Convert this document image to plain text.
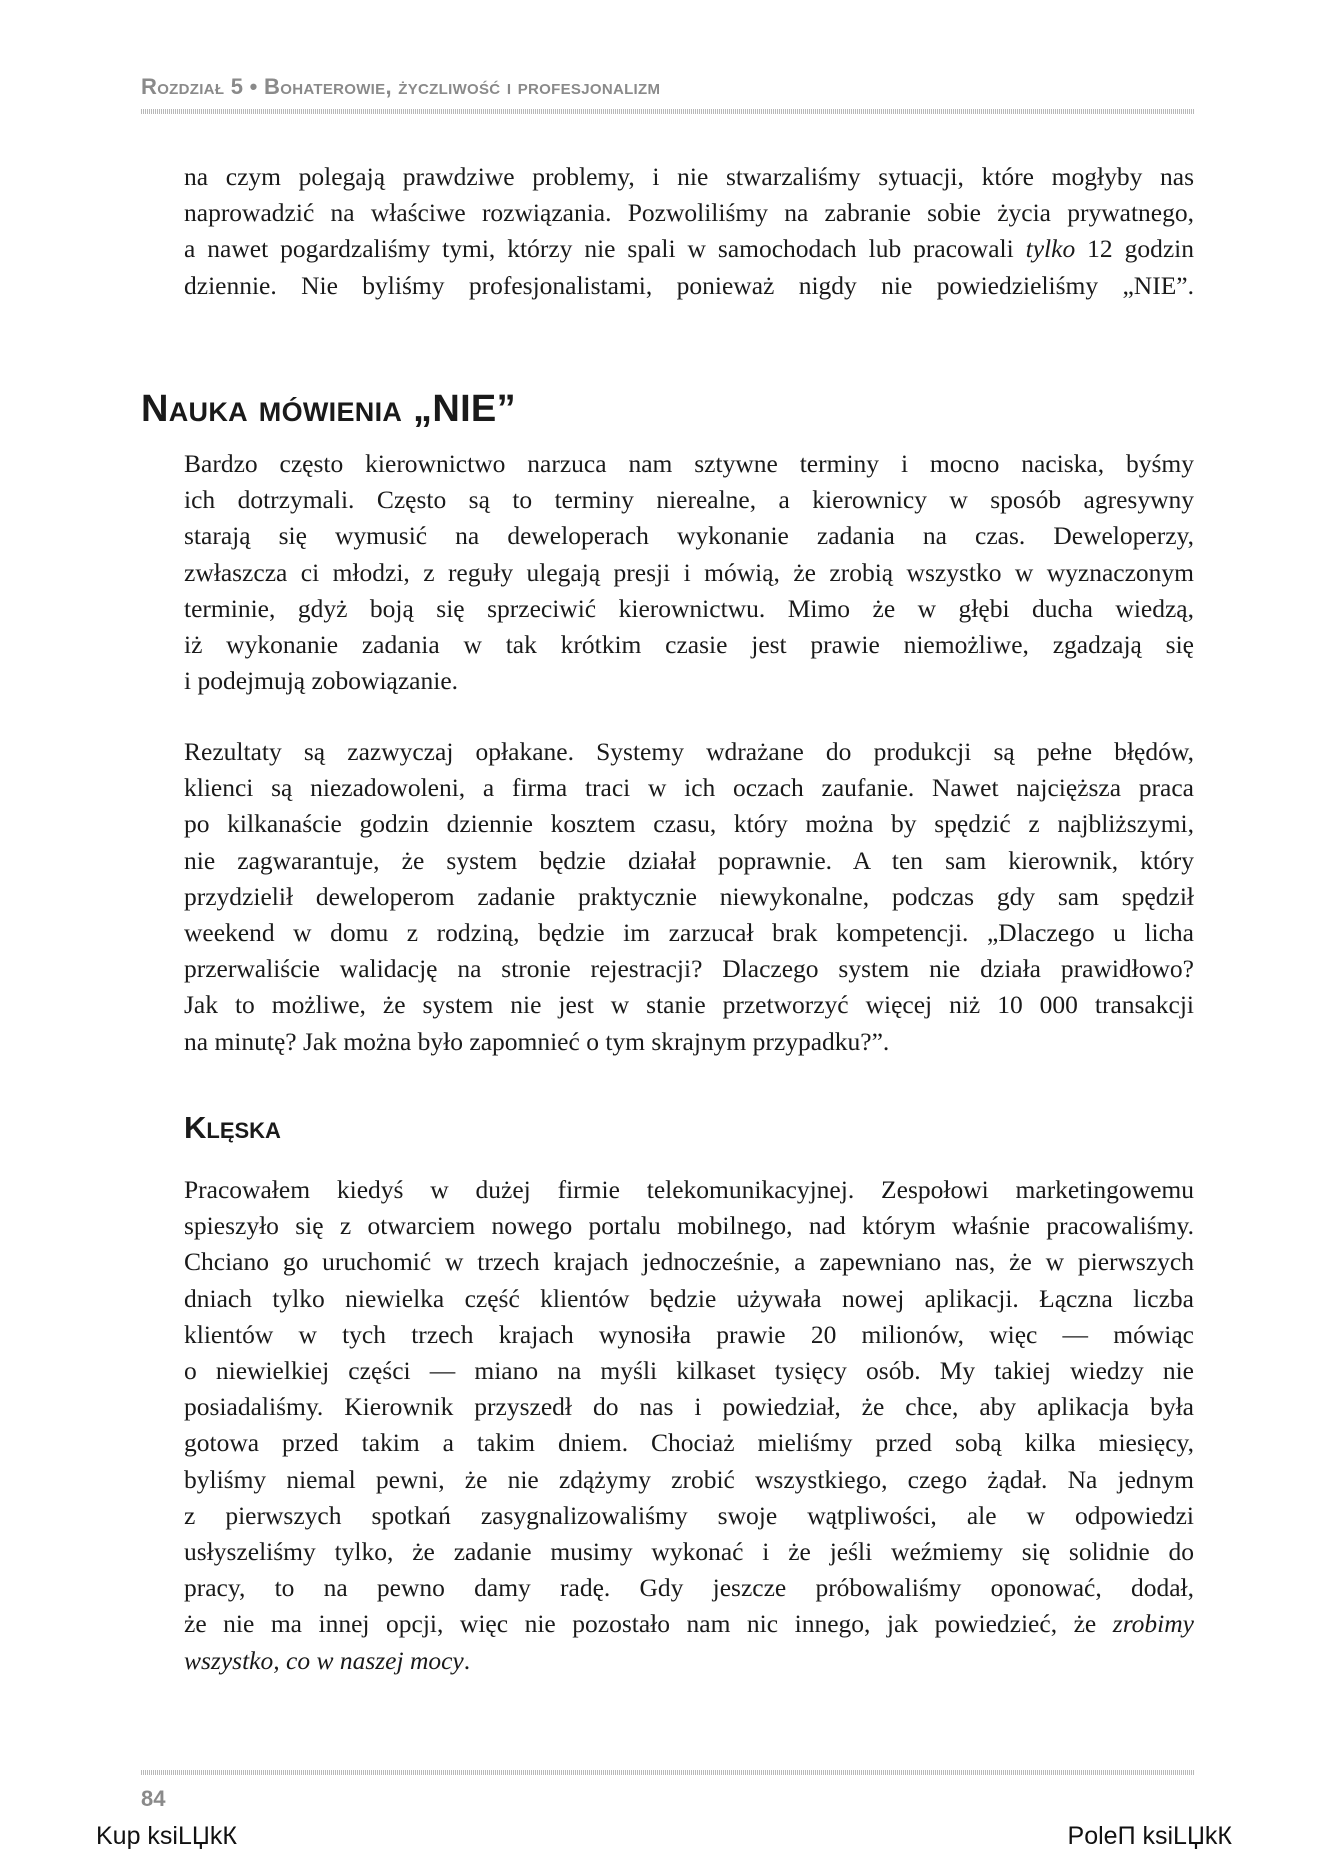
Rozdział 5 • Bohaterowie, życzliwość i profesjonalizm
na czym polegają prawdziwe problemy, i nie stwarzaliśmy sytuacji, które mogłyby nas
naprowadzić na właściwe rozwiązania. Pozwoliliśmy na zabranie sobie życia prywatnego,
a nawet pogardzaliśmy tymi, którzy nie spali w samochodach lub pracowali tylko 12 godzin
dziennie. Nie byliśmy profesjonalistami, ponieważ nigdy nie powiedzieliśmy „NIE”.
Nauka mówienia „NIE”
Bardzo często kierownictwo narzuca nam sztywne terminy i mocno naciska, byśmy
ich dotrzymali. Często są to terminy nierealne, a kierownicy w sposób agresywny
starają się wymusić na deweloperach wykonanie zadania na czas. Deweloperzy,
zwłaszcza ci młodzi, z reguły ulegają presji i mówią, że zrobią wszystko w wyznaczonym
terminie, gdyż boją się sprzeciwić kierownictwu. Mimo że w głębi ducha wiedzą,
iż wykonanie zadania w tak krótkim czasie jest prawie niemożliwe, zgadzają się
i podejmują zobowiązanie.
Rezultaty są zazwyczaj opłakane. Systemy wdrażane do produkcji są pełne błędów,
klienci są niezadowoleni, a firma traci w ich oczach zaufanie. Nawet najcięższa praca
po kilkanaście godzin dziennie kosztem czasu, który można by spędzić z najbliższymi,
nie zagwarantuje, że system będzie działał poprawnie. A ten sam kierownik, który
przydzielił deweloperom zadanie praktycznie niewykonalne, podczas gdy sam spędził
weekend w domu z rodziną, będzie im zarzucał brak kompetencji. „Dlaczego u licha
przerwaliście walidację na stronie rejestracji? Dlaczego system nie działa prawidłowo?
Jak to możliwe, że system nie jest w stanie przetworzyć więcej niż 10 000 transakcji
na minutę? Jak można było zapomnieć o tym skrajnym przypadku?”.
Klęska
Pracowałem kiedyś w dużej firmie telekomunikacyjnej. Zespołowi marketingowemu
spieszyło się z otwarciem nowego portalu mobilnego, nad którym właśnie pracowaliśmy.
Chciano go uruchomić w trzech krajach jednocześnie, a zapewniano nas, że w pierwszych
dniach tylko niewielka część klientów będzie używała nowej aplikacji. Łączna liczba
klientów w tych trzech krajach wynosiła prawie 20 milionów, więc — mówiąc
o niewielkiej części — miano na myśli kilkaset tysięcy osób. My takiej wiedzy nie
posiadaliśmy. Kierownik przyszedł do nas i powiedział, że chce, aby aplikacja była
gotowa przed takim a takim dniem. Chociaż mieliśmy przed sobą kilka miesięcy,
byliśmy niemal pewni, że nie zdążymy zrobić wszystkiego, czego żądał. Na jednym
z pierwszych spotkań zasygnalizowaliśmy swoje wątpliwości, ale w odpowiedzi
usłyszeliśmy tylko, że zadanie musimy wykonać i że jeśli weźmiemy się solidnie do
pracy, to na pewno damy radę. Gdy jeszcze próbowaliśmy oponować, dodał,
że nie ma innej opcji, więc nie pozostało nam nic innego, jak powiedzieć, że zrobimy
wszystko, co w naszej mocy.
84
Kup ksiLЏkК	PoleП ksiLЏkК
